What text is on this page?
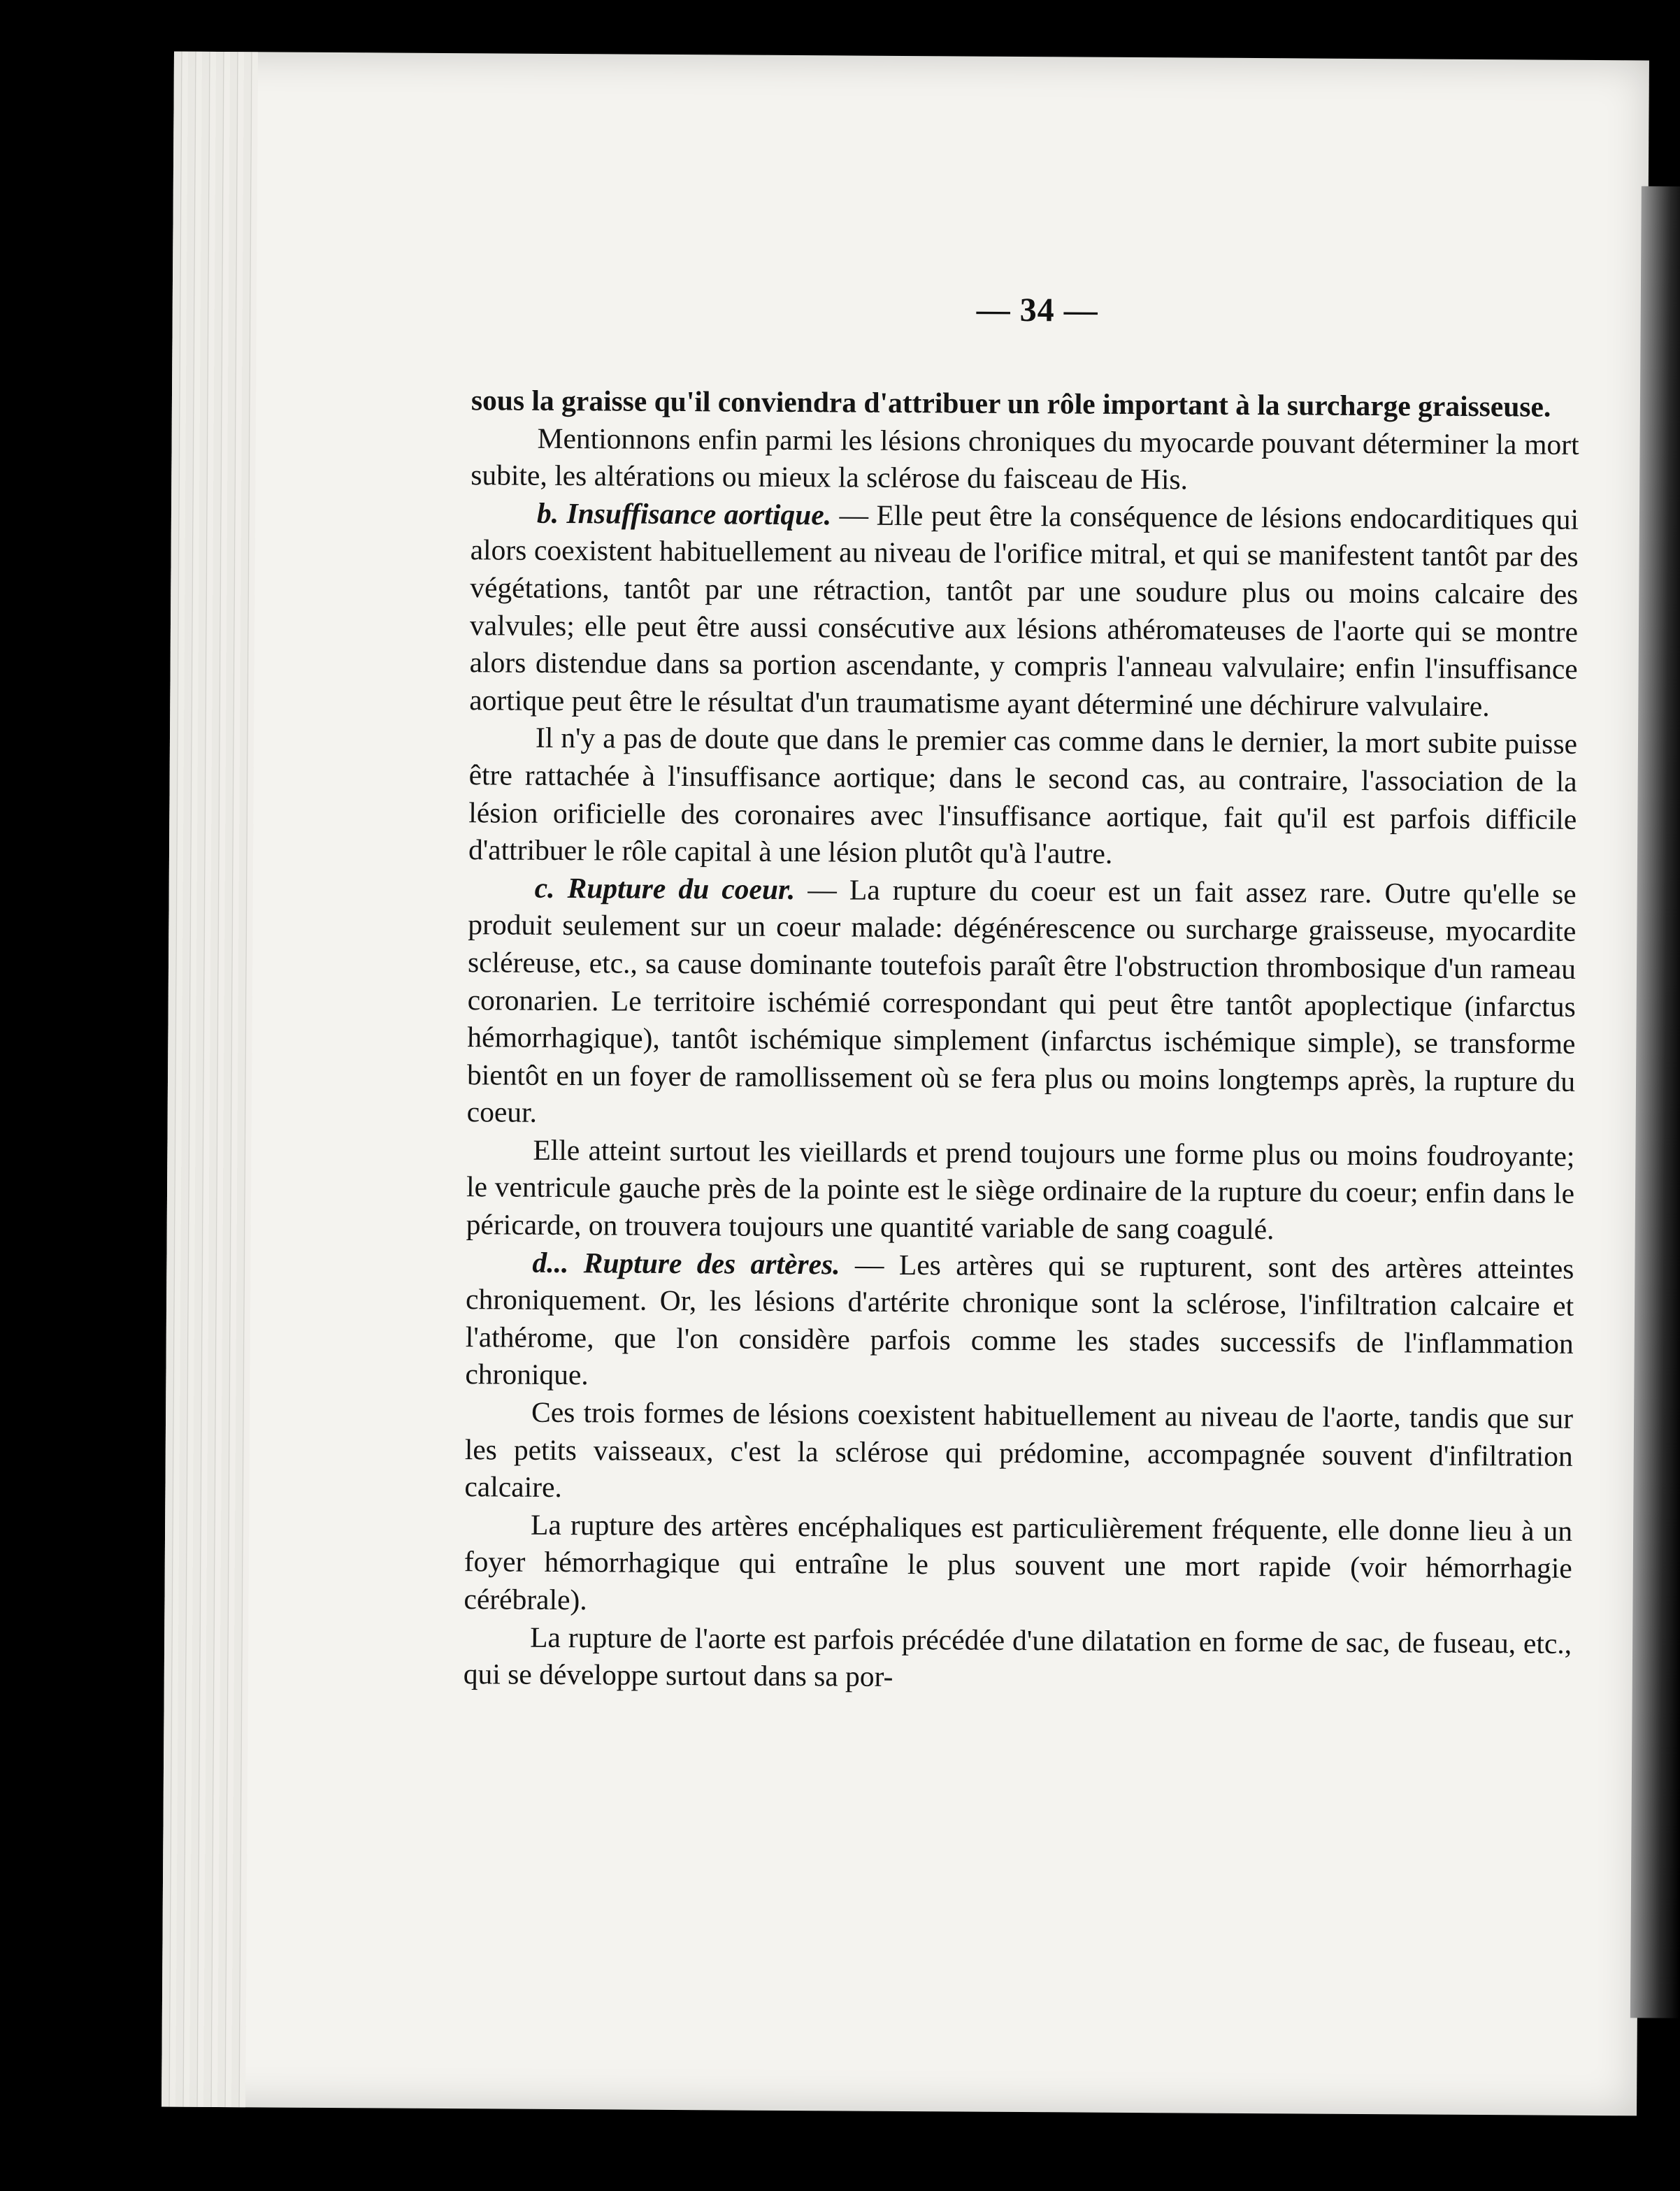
— 34 —

sous la graisse qu'il conviendra d'attribuer un rôle important à la surcharge graisseuse.

Mentionnons enfin parmi les lésions chroniques du myocarde pouvant déterminer la mort subite, les altérations ou mieux la sclérose du faisceau de His.

b. Insuffisance aortique. — Elle peut être la conséquence de lésions endocarditiques qui alors coexistent habituellement au niveau de l'orifice mitral, et qui se manifestent tantôt par des végétations, tantôt par une rétraction, tantôt par une soudure plus ou moins calcaire des valvules; elle peut être aussi consécutive aux lésions athéromateuses de l'aorte qui se montre alors distendue dans sa portion ascendante, y compris l'anneau valvulaire; enfin l'insuffisance aortique peut être le résultat d'un traumatisme ayant déterminé une déchirure valvulaire.

Il n'y a pas de doute que dans le premier cas comme dans le dernier, la mort subite puisse être rattachée à l'insuffisance aortique; dans le second cas, au contraire, l'association de la lésion orificielle des coronaires avec l'insuffisance aortique, fait qu'il est parfois difficile d'attribuer le rôle capital à une lésion plutôt qu'à l'autre.

c. Rupture du coeur. — La rupture du coeur est un fait assez rare. Outre qu'elle se produit seulement sur un coeur malade: dégénérescence ou surcharge graisseuse, myocardite scléreuse, etc., sa cause dominante toutefois paraît être l'obstruction thrombosique d'un rameau coronarien. Le territoire ischémié correspondant qui peut être tantôt apoplectique (infarctus hémorrhagique), tantôt ischémique simplement (infarctus ischémique simple), se transforme bientôt en un foyer de ramollissement où se fera plus ou moins longtemps après, la rupture du coeur.

Elle atteint surtout les vieillards et prend toujours une forme plus ou moins foudroyante; le ventricule gauche près de la pointe est le siège ordinaire de la rupture du coeur; enfin dans le péricarde, on trouvera toujours une quantité variable de sang coagulé.

d... Rupture des artères. — Les artères qui se rupturent, sont des artères atteintes chroniquement. Or, les lésions d'artérite chronique sont la sclérose, l'infiltration calcaire et l'athérome, que l'on considère parfois comme les stades successifs de l'inflammation chronique.

Ces trois formes de lésions coexistent habituellement au niveau de l'aorte, tandis que sur les petits vaisseaux, c'est la sclérose qui prédomine, accompagnée souvent d'infiltration calcaire.

La rupture des artères encéphaliques est particulièrement fréquente, elle donne lieu à un foyer hémorrhagique qui entraîne le plus souvent une mort rapide (voir hémorrhagie cérébrale).

La rupture de l'aorte est parfois précédée d'une dilatation en forme de sac, de fuseau, etc., qui se développe surtout dans sa por-
